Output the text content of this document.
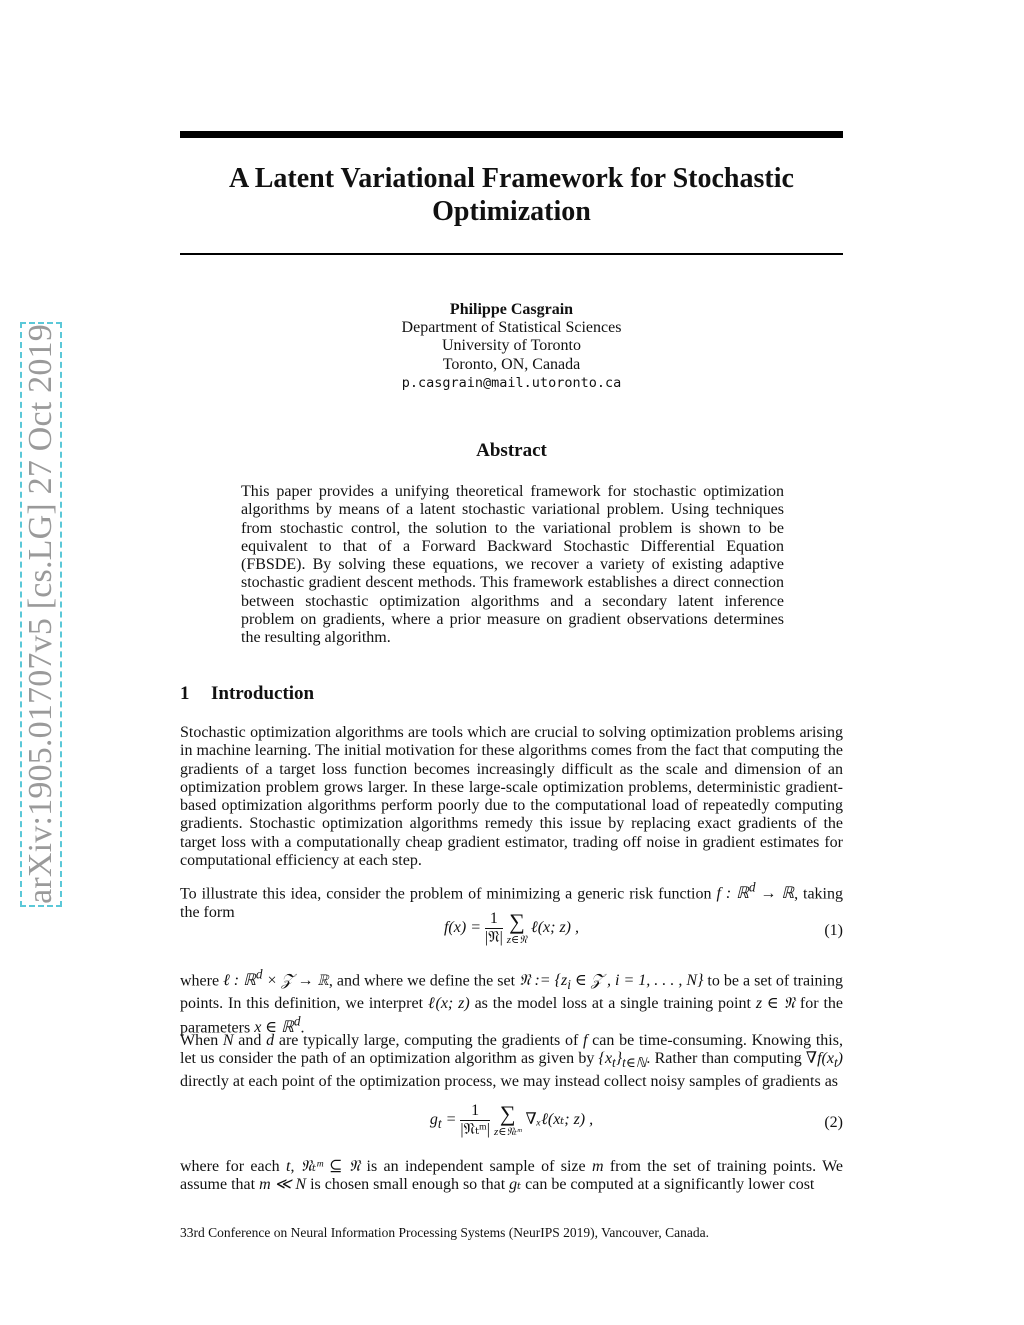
arXiv:1905.01707v5 [cs.LG] 27 Oct 2019
A Latent Variational Framework for Stochastic
Optimization
Philippe Casgrain
Department of Statistical Sciences
University of Toronto
Toronto, ON, Canada
p.casgrain@mail.utoronto.ca
Abstract
This paper provides a unifying theoretical framework for stochastic optimization algorithms by means of a latent stochastic variational problem. Using techniques from stochastic control, the solution to the variational problem is shown to be equivalent to that of a Forward Backward Stochastic Differential Equation (FBSDE). By solving these equations, we recover a variety of existing adaptive stochastic gradient descent methods. This framework establishes a direct connection between stochastic optimization algorithms and a secondary latent inference problem on gradients, where a prior measure on gradient observations determines the resulting algorithm.
1 Introduction
Stochastic optimization algorithms are tools which are crucial to solving optimization problems arising in machine learning. The initial motivation for these algorithms comes from the fact that computing the gradients of a target loss function becomes increasingly difficult as the scale and dimension of an optimization problem grows larger. In these large-scale optimization problems, deterministic gradient-based optimization algorithms perform poorly due to the computational load of repeatedly computing gradients. Stochastic optimization algorithms remedy this issue by replacing exact gradients of the target loss with a computationally cheap gradient estimator, trading off noise in gradient estimates for computational efficiency at each step.
To illustrate this idea, consider the problem of minimizing a generic risk function f : ℝ$^d$ → ℝ, taking the form
$f(x) = \frac{1}{\text{|𝔑|}}$
∑
z∈𝔑
ℓ(x; z) ,	(1)
where ℓ : ℝ$^d$ × 𝒵 → ℝ, and where we define the set 𝔑 := {$z_i$ ∈ 𝒵 , i = 1, . . . , N} to be a set of training points. In this definition, we interpret ℓ(x; z) as the model loss at a single training point z ∈ 𝔑 for the parameters x ∈ ℝ$^d$.
When N and d are typically large, computing the gradients of f can be time-consuming. Knowing this, let us consider the path of an optimization algorithm as given by $\{x_t\}_{t\in ℕ}$. Rather than computing $\nabla f(x_t)$ directly at each point of the optimization process, we may instead collect noisy samples of gradients as
$g_t = \frac{1}{\text{|𝔑ₜᵐ|}}$
∑
z∈𝔑ₜᵐ
∇ₓℓ(xₜ; z) ,	(2)
where for each t, 𝔑ₜᵐ ⊆ 𝔑 is an independent sample of size m from the set of training points. We assume that m ≪ N is chosen small enough so that gₜ can be computed at a significantly lower cost
33rd Conference on Neural Information Processing Systems (NeurIPS 2019), Vancouver, Canada.
